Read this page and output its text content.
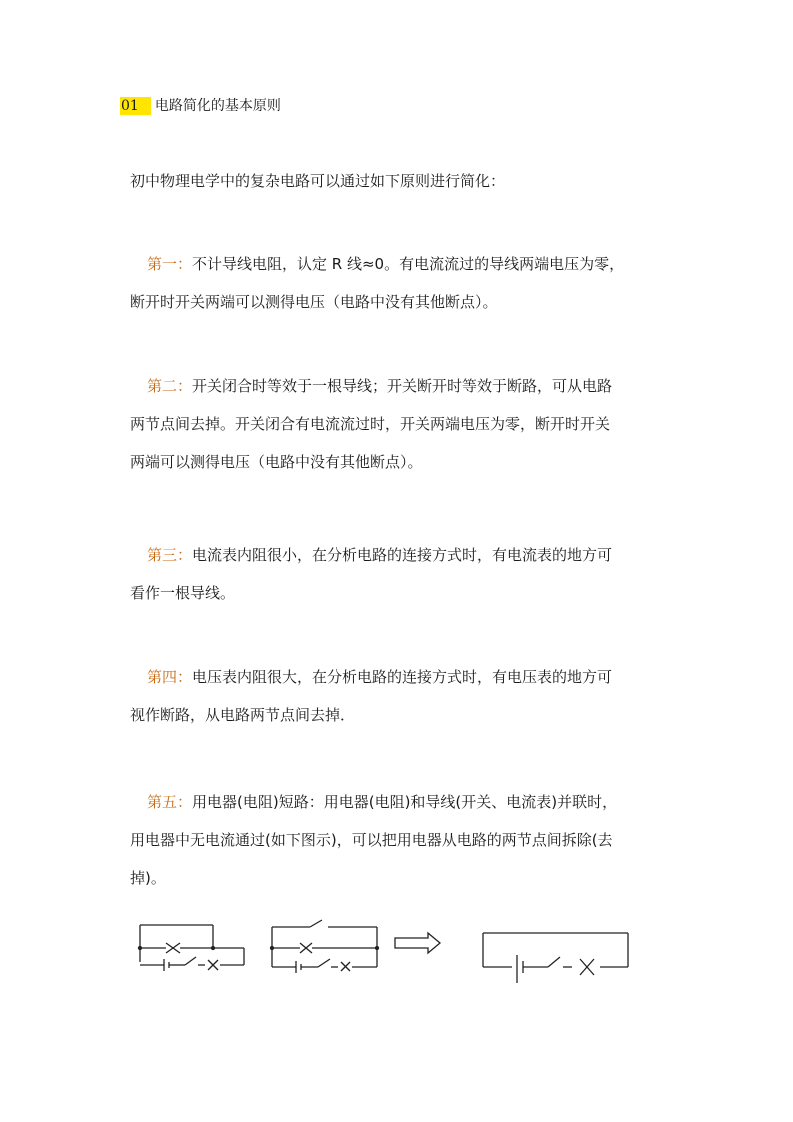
01 电路简化的基本原则
初中物理电学中的复杂电路可以通过如下原则进行简化：

第一：不计导线电阻，认定 R 线≈0。有电流流过的导线两端电压为零，

断开时开关两端可以测得电压（电路中没有其他断点）。

第二：开关闭合时等效于一根导线；开关断开时等效于断路，可从电路

两节点间去掉。开关闭合有电流流过时，开关两端电压为零，断开时开关

两端可以测得电压（电路中没有其他断点）。

第三：电流表内阻很小，在分析电路的连接方式时，有电流表的地方可

看作一根导线。

第四：电压表内阻很大，在分析电路的连接方式时，有电压表的地方可

视作断路，从电路两节点间去掉．

第五：用电器(电阻)短路：用电器(电阻)和导线(开关、电流表)并联时，

用电器中无电流通过(如下图示)，可以把用电器从电路的两节点间拆除(去

掉)。
